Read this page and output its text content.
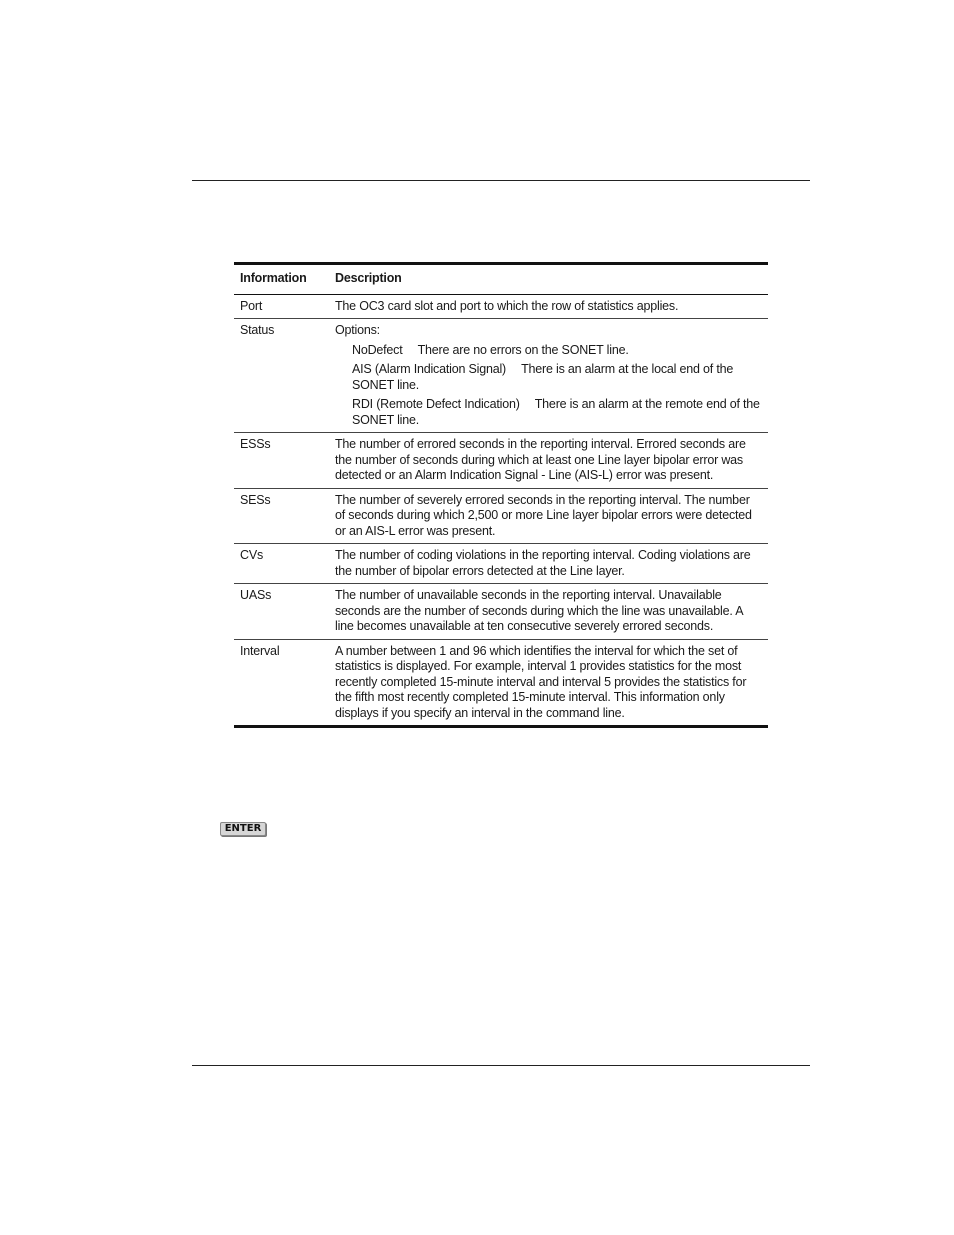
Information	Description
Port	The OC3 card slot and port to which the row of statistics applies.
Status	Options:
NoDefect There are no errors on the SONET line.
AIS (Alarm Indication Signal) There is an alarm at the local end of the SONET line.
RDI (Remote Defect Indication) There is an alarm at the remote end of the SONET line.

ESSs	The number of errored seconds in the reporting interval. Errored seconds are the number of seconds during which at least one Line layer bipolar error was detected or an Alarm Indication Signal - Line (AIS-L) error was present.
SESs	The number of severely errored seconds in the reporting interval. The number of seconds during which 2,500 or more Line layer bipolar errors were detected or an AIS-L error was present.
CVs	The number of coding violations in the reporting interval. Coding violations are the number of bipolar errors detected at the Line layer.
UASs	The number of unavailable seconds in the reporting interval. Unavailable seconds are the number of seconds during which the line was unavailable. A line becomes unavailable at ten consecutive severely errored seconds.
Interval	A number between 1 and 96 which identifies the interval for which the set of statistics is displayed. For example, interval 1 provides statistics for the most recently completed 15-minute interval and interval 5 provides the statistics for the fifth most recently completed 15-minute interval. This information only displays if you specify an interval in the command line.
ENTER
